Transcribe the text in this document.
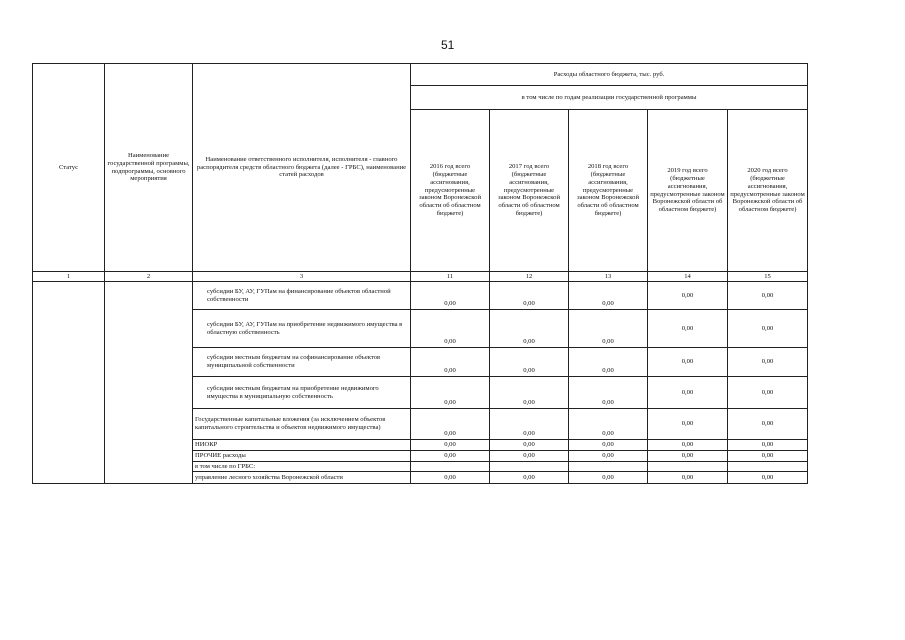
51
Статус	Наименование государственной программы, подпрограммы, основного мероприятия	Наименование ответственного исполнителя, исполнителя - главного распорядителя средств областного бюджета (далее - ГРБС), наименование статей расходов	Расходы областного бюджета, тыс. руб.				
			в том числе по годам реализации государственной программы				
			2016 год всего (бюджетные ассигнования, предусмотренные законом Воронежской области об областном бюджете)	2017 год всего (бюджетные ассигнования, предусмотренные законом Воронежской области об областном бюджете)	2018 год всего (бюджетные ассигнования, предусмотренные законом Воронежской области об областном бюджете)	2019 год всего (бюджетные ассигнования, предусмотренные законом Воронежской области об областном бюджете)	2020 год всего (бюджетные ассигнования, предусмотренные законом Воронежской области об областном бюджете)
1	2	3	11	12	13	14	15
		субсидии БУ, АУ, ГУПам на финансирование объектов областной собственности	0,00	0,00	0,00	0,00	0,00
		субсидии БУ, АУ, ГУПам на приобретение недвижимого имущества в областную собственность	0,00	0,00	0,00	0,00	0,00
		субсидии местным бюджетам на софинансирование объектов муниципальной собственности	0,00	0,00	0,00	0,00	0,00
		субсидии местным бюджетам на приобретение недвижимого имущества в муниципальную собственность	0,00	0,00	0,00	0,00	0,00
		Государственные капитальные вложения (за исключением объектов капитального строительства и объектов недвижимого имущества)	0,00	0,00	0,00	0,00	0,00
		НИОКР	0,00	0,00	0,00	0,00	0,00
		ПРОЧИЕ расходы	0,00	0,00	0,00	0,00	0,00
		в том числе по ГРБС:					
		управление лесного хозяйства Воронежской области	0,00	0,00	0,00	0,00	0,00
